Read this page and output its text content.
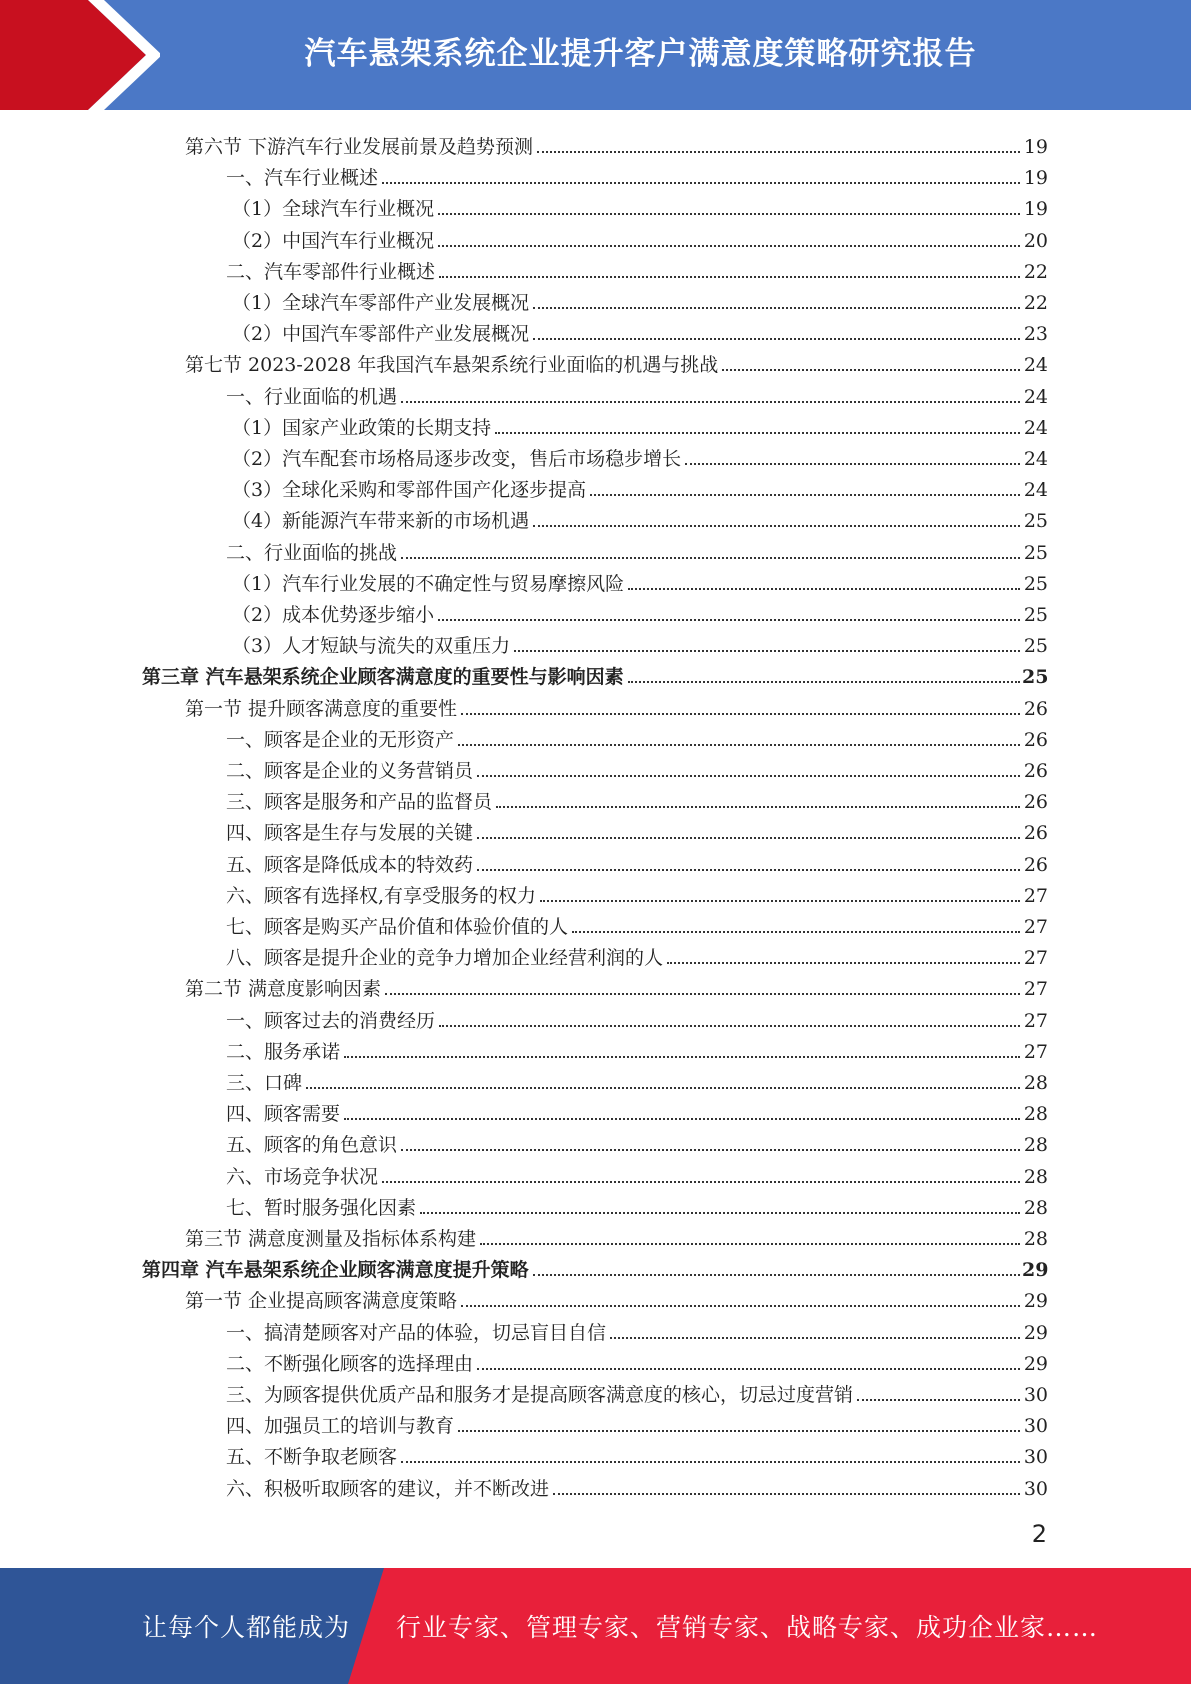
汽车悬架系统企业提升客户满意度策略研究报告
第六节 下游汽车行业发展前景及趋势预测	19
一、汽车行业概述	19
（1）全球汽车行业概况	19
（2）中国汽车行业概况	20
二、汽车零部件行业概述	22
（1）全球汽车零部件产业发展概况	22
（2）中国汽车零部件产业发展概况	23
第七节 2023-2028 年我国汽车悬架系统行业面临的机遇与挑战	24
一、行业面临的机遇	24
（1）国家产业政策的长期支持	24
（2）汽车配套市场格局逐步改变，售后市场稳步增长	24
（3）全球化采购和零部件国产化逐步提高	24
（4）新能源汽车带来新的市场机遇	25
二、行业面临的挑战	25
（1）汽车行业发展的不确定性与贸易摩擦风险	25
（2）成本优势逐步缩小	25
（3）人才短缺与流失的双重压力	25
第三章 汽车悬架系统企业顾客满意度的重要性与影响因素	25
第一节 提升顾客满意度的重要性	26
一、顾客是企业的无形资产	26
二、顾客是企业的义务营销员	26
三、顾客是服务和产品的监督员	26
四、顾客是生存与发展的关键	26
五、顾客是降低成本的特效药	26
六、顾客有选择权,有享受服务的权力	27
七、顾客是购买产品价值和体验价值的人	27
八、顾客是提升企业的竞争力增加企业经营利润的人	27
第二节 满意度影响因素	27
一、顾客过去的消费经历	27
二、服务承诺	27
三、口碑	28
四、顾客需要	28
五、顾客的角色意识	28
六、市场竞争状况	28
七、暂时服务强化因素	28
第三节 满意度测量及指标体系构建	28
第四章 汽车悬架系统企业顾客满意度提升策略	29
第一节 企业提高顾客满意度策略	29
一、搞清楚顾客对产品的体验，切忌盲目自信	29
二、不断强化顾客的选择理由	29
三、为顾客提供优质产品和服务才是提高顾客满意度的核心，切忌过度营销	30
四、加强员工的培训与教育	30
五、不断争取老顾客	30
六、积极听取顾客的建议，并不断改进	30
2
让每个人都能成为 行业专家、管理专家、营销专家、战略专家、成功企业家……
